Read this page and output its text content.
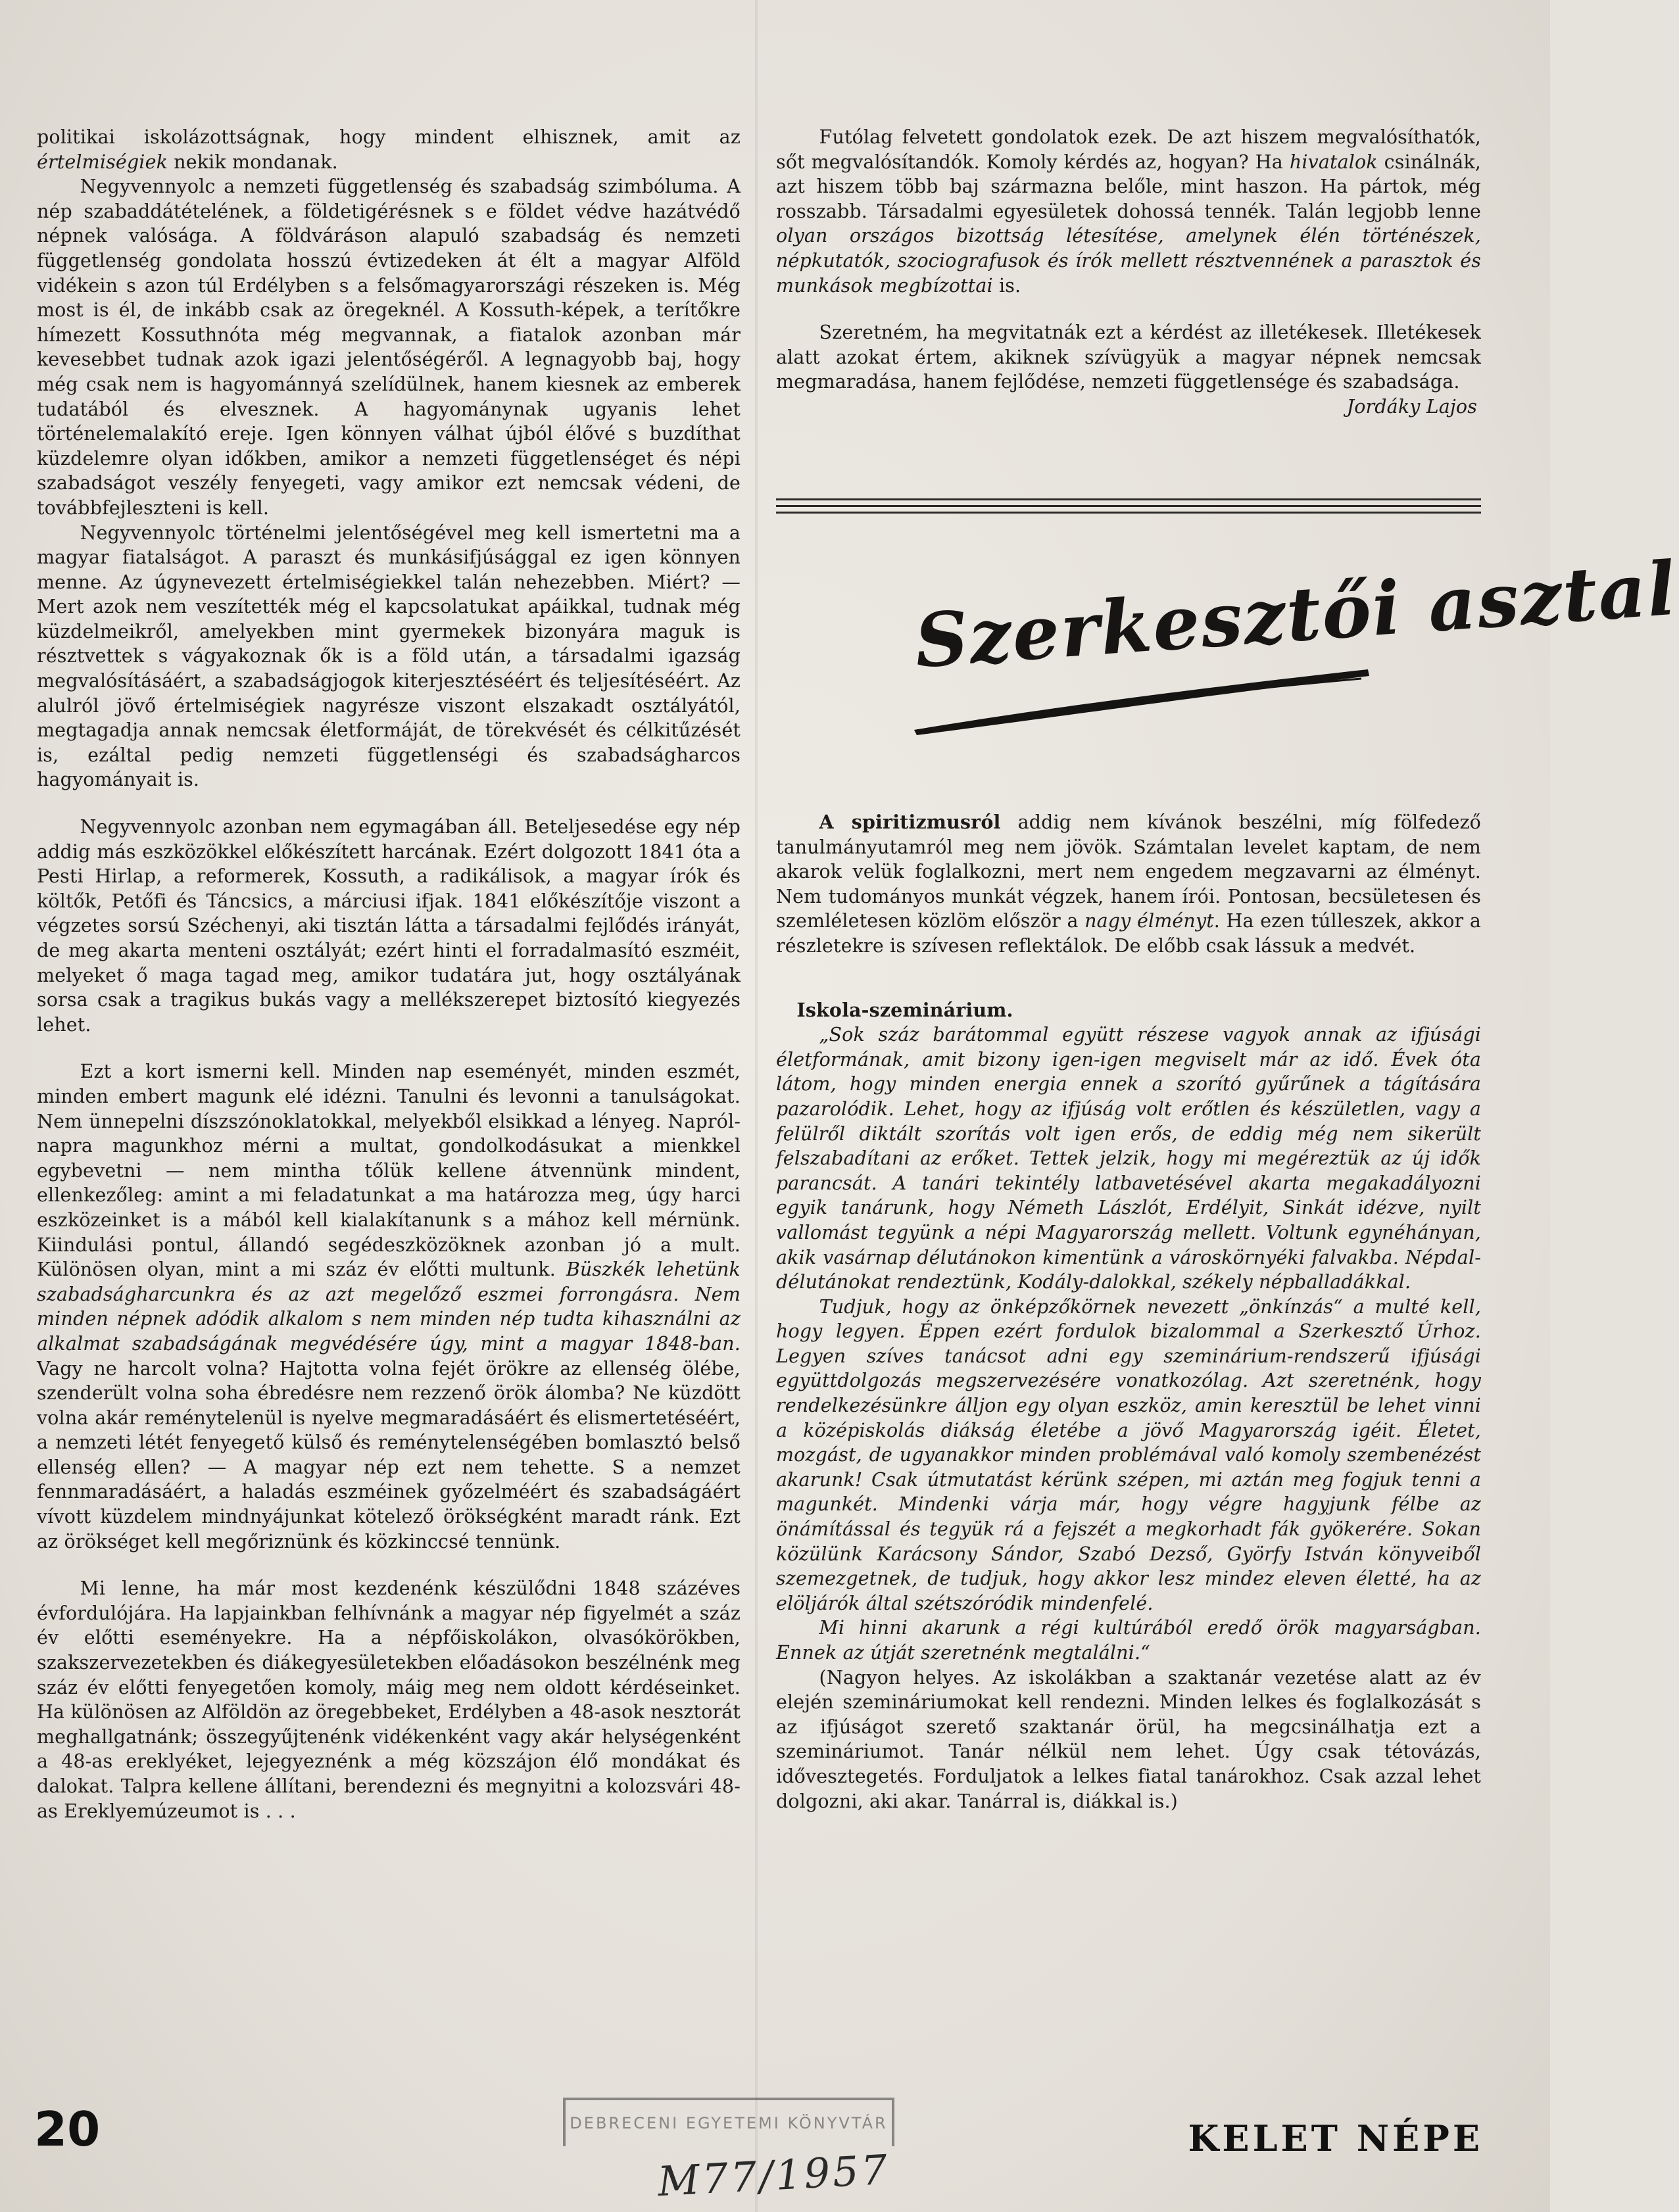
politikai iskolázottságnak, hogy mindent elhisznek, amit az értelmiségiek nekik mondanak.

Negyvennyolc a nemzeti függetlenség és szabadság szimbóluma. A nép szabaddátételének, a földetigérésnek s e földet védve hazátvédő népnek valósága. A földváráson alapuló szabadság és nemzeti függetlenség gondolata hosszú évtizedeken át élt a magyar Alföld vidékein s azon túl Erdélyben s a felsőmagyarországi részeken is. Még most is él, de inkább csak az öregeknél. A Kossuth-képek, a terítőkre hímezett Kossuthnóta még megvannak, a fiatalok azonban már kevesebbet tudnak azok igazi jelentőségéről. A legnagyobb baj, hogy még csak nem is hagyománnyá szelídülnek, hanem kiesnek az emberek tudatából és elvesznek. A hagyománynak ugyanis lehet történelemalakító ereje. Igen könnyen válhat újból élővé s buzdíthat küzdelemre olyan időkben, amikor a nemzeti függetlenséget és népi szabadságot veszély fenyegeti, vagy amikor ezt nemcsak védeni, de továbbfejleszteni is kell.

Negyvennyolc történelmi jelentőségével meg kell ismertetni ma a magyar fiatalságot. A paraszt és munkásifjúsággal ez igen könnyen menne. Az úgynevezett értelmiségiekkel talán nehezebben. Miért? — Mert azok nem veszítették még el kapcsolatukat apáikkal, tudnak még küzdelmeikről, amelyekben mint gyermekek bizonyára maguk is résztvettek s vágyakoznak ők is a föld után, a társadalmi igazság megvalósításáért, a szabadságjogok kiterjesztéséért és teljesítéséért. Az alulról jövő értelmiségiek nagyrésze viszont elszakadt osztályától, megtagadja annak nemcsak életformáját, de törekvését és célkitűzését is, ezáltal pedig nemzeti függetlenségi és szabadságharcos hagyományait is.

Negyvennyolc azonban nem egymagában áll. Beteljesedése egy nép addig más eszközökkel előkészített harcának. Ezért dolgozott 1841 óta a Pesti Hirlap, a reformerek, Kossuth, a radikálisok, a magyar írók és költők, Petőfi és Táncsics, a márciusi ifjak. 1841 előkészítője viszont a végzetes sorsú Széchenyi, aki tisztán látta a társadalmi fejlődés irányát, de meg akarta menteni osztályát; ezért hinti el forradalmasító eszméit, melyeket ő maga tagad meg, amikor tudatára jut, hogy osztályának sorsa csak a tragikus bukás vagy a mellékszerepet biztosító kiegyezés lehet.

Ezt a kort ismerni kell. Minden nap eseményét, minden eszmét, minden embert magunk elé idézni. Tanulni és levonni a tanulságokat. Nem ünnepelni díszszónoklatokkal, melyekből elsikkad a lényeg. Napról-napra magunkhoz mérni a multat, gondolkodásukat a mienkkel egybevetni — nem mintha tőlük kellene átvennünk mindent, ellenkezőleg: amint a mi feladatunkat a ma határozza meg, úgy harci eszközeinket is a mából kell kialakítanunk s a mához kell mérnünk. Kiindulási pontul, állandó segédeszközöknek azonban jó a mult. Különösen olyan, mint a mi száz év előtti multunk. Büszkék lehetünk szabadságharcunkra és az azt megelőző eszmei forrongásra. Nem minden népnek adódik alkalom s nem minden nép tudta kihasználni az alkalmat szabadságának megvédésére úgy, mint a magyar 1848-ban. Vagy ne harcolt volna? Hajtotta volna fejét örökre az ellenség ölébe, szenderült volna soha ébredésre nem rezzenő örök álomba? Ne küzdött volna akár reménytelenül is nyelve megmaradásáért és elismertetéséért, a nemzeti létét fenyegető külső és reménytelenségében bomlasztó belső ellenség ellen? — A magyar nép ezt nem tehette. S a nemzet fennmaradásáért, a haladás eszméinek győzelméért és szabadságáért vívott küzdelem mindnyájunkat kötelező örökségként maradt ránk. Ezt az örökséget kell megőriznünk és közkinccsé tennünk.

Mi lenne, ha már most kezdenénk készülődni 1848 százéves évfordulójára. Ha lapjainkban felhívnánk a magyar nép figyelmét a száz év előtti eseményekre. Ha a népfőiskolákon, olvasókörökben, szakszervezetekben és diákegyesületekben előadásokon beszélnénk meg száz év előtti fenyegetően komoly, máig meg nem oldott kérdéseinket. Ha különösen az Alföldön az öregebbeket, Erdélyben a 48-asok nesztorát meghallgatnánk; összegyűjtenénk vidékenként vagy akár helységenként a 48-as ereklyéket, lejegyeznénk a még közszájon élő mondákat és dalokat. Talpra kellene állítani, berendezni és megnyitni a kolozsvári 48-as Ereklyemúzeumot is . . .

Futólag felvetett gondolatok ezek. De azt hiszem megvalósíthatók, sőt megvalósítandók. Komoly kérdés az, hogyan? Ha hivatalok csinálnák, azt hiszem több baj származna belőle, mint haszon. Ha pártok, még rosszabb. Társadalmi egyesületek dohossá tennék. Talán legjobb lenne olyan országos bizottság létesítése, amelynek élén történészek, népkutatók, szociografusok és írók mellett résztvennének a parasztok és munkások megbízottai is.

Szeretném, ha megvitatnák ezt a kérdést az illetékesek. Illetékesek alatt azokat értem, akiknek szívügyük a magyar népnek nemcsak megmaradása, hanem fejlődése, nemzeti függetlensége és szabadsága.

Jordáky Lajos

Szerkesztői asztal

A spiritizmusról addig nem kívánok beszélni, míg fölfedező tanulmányutamról meg nem jövök. Számtalan levelet kaptam, de nem akarok velük foglalkozni, mert nem engedem megzavarni az élményt. Nem tudományos munkát végzek, hanem írói. Pontosan, becsületesen és szemléletesen közlöm először a nagy élményt. Ha ezen túlleszek, akkor a részletekre is szívesen reflektálok. De előbb csak lássuk a medvét.

Iskola-szeminárium.

„Sok száz barátommal együtt részese vagyok annak az ifjúsági életformának, amit bizony igen-igen megviselt már az idő. Évek óta látom, hogy minden energia ennek a szorító gyűrűnek a tágítására pazarolódik. Lehet, hogy az ifjúság volt erőtlen és készületlen, vagy a felülről diktált szorítás volt igen erős, de eddig még nem sikerült felszabadítani az erőket. Tettek jelzik, hogy mi megéreztük az új idők parancsát. A tanári tekintély latbavetésével akarta megakadályozni egyik tanárunk, hogy Németh Lászlót, Erdélyit, Sinkát idézve, nyilt vallomást tegyünk a népi Magyarország mellett. Voltunk egynéhányan, akik vasárnap délutánokon kimentünk a városkörnyéki falvakba. Népdal-délutánokat rendeztünk, Kodály-dalokkal, székely népballadákkal.

Tudjuk, hogy az önképzőkörnek nevezett „önkínzás“ a multé kell, hogy legyen. Éppen ezért fordulok bizalommal a Szerkesztő Úrhoz. Legyen szíves tanácsot adni egy szeminárium-rendszerű ifjúsági együttdolgozás megszervezésére vonatkozólag. Azt szeretnénk, hogy rendelkezésünkre álljon egy olyan eszköz, amin keresztül be lehet vinni a középiskolás diákság életébe a jövő Magyarország igéit. Életet, mozgást, de ugyanakkor minden problémával való komoly szembenézést akarunk! Csak útmutatást kérünk szépen, mi aztán meg fogjuk tenni a magunkét. Mindenki várja már, hogy végre hagyjunk félbe az önámítással és tegyük rá a fejszét a megkorhadt fák gyökerére. Sokan közülünk Karácsony Sándor, Szabó Dezső, Györfy István könyveiből szemezgetnek, de tudjuk, hogy akkor lesz mindez eleven életté, ha az elöljárók által szétszóródik mindenfelé.

Mi hinni akarunk a régi kultúrából eredő örök magyarságban. Ennek az útját szeretnénk megtalálni.“

(Nagyon helyes. Az iskolákban a szaktanár vezetése alatt az év elején szemináriumokat kell rendezni. Minden lelkes és foglalkozását s az ifjúságot szerető szaktanár örül, ha megcsinálhatja ezt a szemináriumot. Tanár nélkül nem lehet. Úgy csak tétovázás, idővesztegetés. Forduljatok a lelkes fiatal tanárokhoz. Csak azzal lehet dolgozni, aki akar. Tanárral is, diákkal is.)

20	DEBRECENI EGYETEMI KÖNYVTÁR
M77/1957
KELET NÉPE
